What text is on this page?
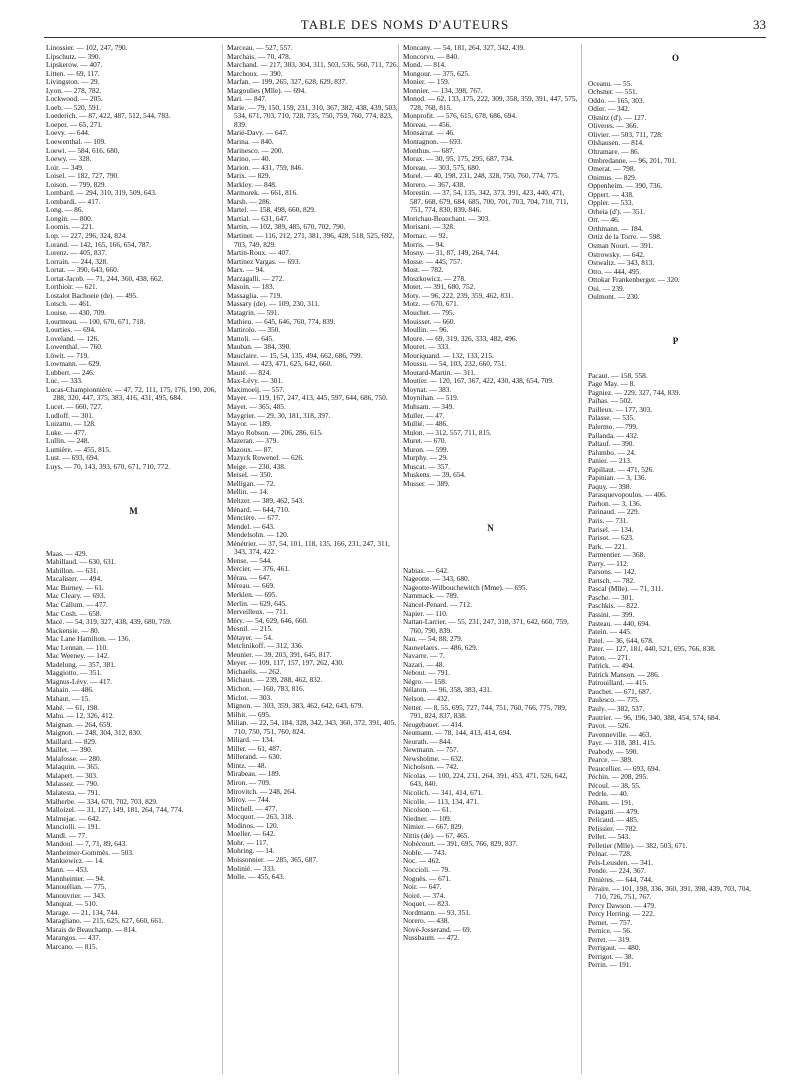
TABLE DES NOMS D'AUTEURS	33
Linossier. — 102, 247, 790.
Lipschutz. — 390.
Lipskerow. — 407.
Litten. — 69, 117.
Livingston. — 29.
Lyon. — 278, 782.
Lockwood. — 205.
Loeb. — 520, 591.
Loederich. — 87, 422, 487, 512, 544, 783.
Loeper. — 65, 271.
Loevy. — 644.
Loewenthal. — 109.
Loewi. — 584, 616, 680.
Loewy. — 328.
Loir. — 349.
Loisel. — 182, 727, 790.
Loison. — 799, 829.
Lombard. — 294, 310, 319, 509, 643.
Lombardi. — 417.
Long. — 86.
Longin. — 800.
Loomis. — 221.
Lop. — 227, 296, 324, 824.
Lorand. — 142, 165, 166, 654, 787.
Lorenz. — 405, 837.
Lorrain. — 244, 328.
Lortat. — 390, 643, 660.
Lortat-Jacob. — 71, 244, 360, 438, 662.
Lorthioir. — 621.
Lostalot Bachoeie (de). — 495.
Lotsch. — 461.
Louise. — 430, 709.
Lourmeau. — 100, 670, 671, 718.
Lourties. — 694.
Loveland. — 126.
Lowenthal. — 760.
Löwit. — 719.
Lowmann. — 629.
Lubbert. — 246.
Luc. — 333.
Lucas-Championnière. — 47, 72, 111, 175, 176, 190, 206, 288, 320, 447, 375, 383, 416, 431, 495, 684.
Lucet. — 660, 727.
Ludloff. — 301.
Luizatto. — 128.
Luke. — 477.
Lullin. — 248.
Lumière. — 455, 815.
Lust. — 693, 694.
Luys. — 70, 143, 393, 670, 671, 710, 772.
M
Maas. — 429.
Mabillaud. — 630, 631.
Mabillon. — 631.
Macalister. — 494.
Mac Burney. — 61.
Mac Cleary. — 693.
Mac Callum. — 477.
Mac Cosh. — 658.
Macé. — 54, 319, 327, 438, 439, 680, 759.
Mackensie. — 80.
Mac Lane Hamilton. — 136.
Mac Lennan. — 110.
Mac Weeney. — 142.
Madelung. — 357, 381.
Maggiotto. — 351.
Magnus-Lévy. — 417.
Mahain. — 486.
Mahaut. — 15.
Mahé. — 61, 198.
Mahu. — 12, 326, 412.
Maignan. — 264, 659.
Maignon. — 248, 304, 312, 830.
Maillard. — 829.
Maillet. — 390.
Malafosse. — 280.
Malaquin. — 365.
Malapert. — 303.
Malassez. — 790.
Malatesta. — 791.
Malherbe. — 334, 670, 702, 703, 829.
Malloizel. — 31, 127, 149, 181, 264, 744, 774.
Malmejac. — 642.
Manciolli. — 191.
Mandl. — 77.
Mandoul. — 7, 71, 89, 643.
Manheimer-Gommès. — 503.
Mankiewicz. — 14.
Mann. — 453.
Mannheimer. — 94.
Manouélian. — 775.
Manouvrier. — 343.
Manquat. — 510.
Marage. — 21, 134, 744.
Maragliano. — 215, 625, 627, 660, 661.
Marais de Beauchamp. — 814.
Marangos. — 437.
Marcano. — 815.
Marceau. — 527, 557.
Marchais. — 70, 478.
Marchand. — 217, 303, 304, 311, 503, 536, 560, 711, 726.
Marchoux. — 390.
Marfan. — 199, 265, 327, 628, 629, 837.
Margoulies (Mlle). — 694.
Mari. — 847.
Marie. — 79, 150, 159, 231, 310, 367, 382, 438, 439, 503, 534, 671, 703, 710, 728, 735, 750, 759, 760, 774, 823, 839.
Marié-Davy. — 647.
Marina. — 840.
Marinesco. — 200.
Marino. — 40.
Marion. — 431, 759, 846.
Marix. — 829.
Markley. — 848.
Marmorek. — 661, 816.
Marsh. — 286.
Martel. — 158, 498, 660, 829.
Martial. — 631, 647.
Martin, — 102, 389, 485, 670, 702, 790.
Martinet. — 116, 212, 271, 381, 396, 428, 518, 525, 692, 703, 749, 829.
Martin-Roux. — 407.
Martinez Vargas. — 693.
Marx. — 94.
Marzagalli. — 272.
Masoin. — 183.
Massaglia. — 719.
Massary (de). — 109, 230, 311.
Matagrin. — 591.
Mathieu. — 645, 646, 760, 774, 839.
Mattirolo. — 350.
Mattoli. — 645.
Mauban. — 384, 390.
Mauclaire. — 15, 54, 135, 494, 662, 686, 799.
Maurel. — 423, 471, 625, 642, 660.
Mauté. — 824.
Max-Lévy. — 301.
Maximoeij. — 557.
Mayer. — 119, 167, 247, 413, 445, 597, 644, 686, 750.
Mayet. — 365, 485.
Maygrier. — 29, 30, 181, 318, 397.
Mayor. — 189.
Mayo Robson. — 206, 286, 615.
Mazeran. — 379.
Mazoux. — 87.
Mazyck Rowenel. — 626.
Meige. — 230, 438.
Meisel. — 350.
Melligan. — 72.
Mellin. — 14.
Meltzer. — 389, 462, 543.
Ménard. — 644, 710.
Mencière. — 677.
Mendel. — 643.
Mendelsohn. — 120.
Ménétrier. — 37, 54, 101, 118, 135, 166, 231, 247, 311, 343, 374, 422.
Mense. — 544.
Mercier. — 376, 461.
Mérau. — 647.
Méreau. — 669.
Merklen. — 695.
Merlin. — 629, 645.
Merveilleux. — 711.
Méry. — 54, 629, 646, 660.
Mesnil. — 215.
Métayer. — 54.
Metchnikoff. — 312, 336.
Meunier. — 39, 203, 391, 645, 817.
Meyer. — 109, 117, 157, 197, 262, 430.
Michaelis. — 262.
Michaux. — 239, 288, 462, 832.
Michon. — 160, 783, 816.
Miclot. — 303.
Mignon. — 303, 359, 383, 462, 642, 643, 679.
Milhit. — 695.
Milian. — 22, 54, 184, 328, 342, 343, 360, 372, 391, 405, 710, 750, 751, 760, 824.
Miliard. — 134.
Miller. — 61, 487.
Millerand. — 630.
Mintz. — 48.
Mirabeau. — 189.
Miron. — 709.
Mirovitch. — 248, 264.
Miroy. — 744.
Mitchell. — 477.
Mocquot. — 263, 318.
Modinos. — 120.
Moeller. — 642.
Mohr. — 117.
Mohring. — 14.
Moissonnier. — 285, 365, 687.
Molinié. — 333.
Molle. — 455, 643.
Moncany. — 54, 181, 264, 327, 342, 439.
Moncorvo. — 840.
Mond. — 814.
Mongour. — 375, 625.
Monier. — 159.
Monnier. — 134, 398, 767.
Monod. — 62, 133, 175, 222, 309, 358, 359, 391, 447, 575, 728, 768, 815.
Monprofit. — 576, 615, 678, 686, 694.
Moreau. — 456.
Monsarrat. — 46.
Montagnon. — 693.
Monthus. — 687.
Morax. — 30, 95, 175, 295, 687, 734.
Moreau. — 303, 575, 680.
Morel. — 40, 198, 231, 248, 328, 750, 760, 774, 775.
Morero. — 367, 438.
Morestin. — 37, 54, 135, 342, 373, 391, 423, 440, 471, 587, 668, 679, 684, 685, 700, 701, 703, 704, 710, 711, 751, 774, 830, 839, 846.
Morichau-Beauchant. — 303.
Morisani. — 328.
Mornac. — 92.
Morris. — 94.
Mosny. — 31, 87, 149, 264, 744.
Mosse. — 445, 757.
Most. — 782.
Moszkowicz. — 278.
Motet. — 391, 680, 752.
Moty. — 96, 222, 239, 359, 462, 831.
Motz. — 670, 671.
Mouchet. — 795.
Mouisset. — 660.
Moullin. — 96.
Moure. — 69, 319, 326, 333, 482, 496.
Mouret. — 333.
Mouriquand. — 132, 133, 215.
Moussu. — 54, 103, 232, 660, 751.
Moutard-Martin. — 311.
Moutier. — 120, 167, 367, 422, 430, 438, 654, 709.
Moynat. — 383.
Moynihan. — 519.
Muhsam. — 349.
Muller. — 47.
Mullié. — 486.
Mulon. — 312, 557, 711, 815.
Muret. — 670.
Muron. — 599.
Murphy. — 29.
Muscat. — 357.
Muskens. — 39, 654.
Musser. — 389.
N
Nabias. — 642.
Nageotte. — 343, 680.
Nageotte-Wilbouchewitch (Mme). — 695.
Nammack. — 789.
Nancel-Penard. — 712.
Napier. — 110.
Nattan-Larrier. — 55, 231, 247, 318, 371, 642, 660, 759, 760, 790, 839.
Nau. — 54, 88, 279.
Nauwelaers. — 486, 629.
Navarre. — 7.
Nazari. — 48.
Nebout. — 791.
Négro. — 158.
Nélaton. — 96, 358, 383, 431.
Nelson. — 432.
Netter. — 8, 55, 695, 727, 744, 751, 760, 766, 775, 789, 791, 824, 837, 838.
Neugebauer. — 414.
Neumann. — 78, 144, 413, 414, 694.
Neurath. — 844.
Newmann. — 757.
Newsholme. — 632.
Nicholson. — 742.
Nicolas. — 100, 224, 231, 264, 391, 453, 471, 526, 642, 643, 840.
Nicolich. — 341, 414, 671.
Nicolle. — 113, 134, 471.
Nicolson. — 61.
Niedner. — 109.
Nimier. — 667, 829.
Nittis (de). — 67, 465.
Nobécourt. — 391, 695, 766, 829, 837.
Noble. — 743.
Noc. — 462.
Noccioli. — 79.
Noguès. — 671.
Noir. — 647.
Noiré. — 374.
Noquet. — 823.
Nordmann. — 93, 351.
Norero. — 438.
Nové-Josserand. — 69.
Nussbaum. — 472.
O
Oceanu. — 55.
Ochsner. — 551.
Oddo. — 165, 303.
Odier. — 342.
Olsnitz (d'). — 127.
Oliveres. — 366.
Olivier. — 503, 711, 728.
Olshausen. — 814.
Oltramare. — 86.
Ombredanne. — 96, 201, 701.
Omerat. — 798.
Onimus. — 829.
Oppenheim. — 390, 736.
Oppert. — 438.
Oppler. — 533.
Orheia (d'). — 351.
Orr. — 46.
Orthmann. — 184.
Ortiz de la Torre. — 598.
Osman Nouri. — 391.
Ostrowsky. — 642.
Ostwaltz. — 343, 813.
Otto. — 444, 495.
Ottokar Frankenberger. — 320.
Oui. — 239.
Oulmont. — 230.
P
Pacaut. — 158, 558.
Page May. — 8.
Pagniez. — 229, 327, 744, 839.
Paihas. — 502.
Pailleux. — 177, 303.
Palasse. — 535.
Palermo. — 799.
Pallanda. — 432.
Paltauf. — 390.
Palumbo. — 24.
Panier. — 213.
Papillaut. — 471, 526.
Papinian. — 3, 136.
Paquy. — 398.
Parasquevopoulos. — 406.
Parhon. — 3, 136.
Parinaud. — 229.
Paris. — 731.
Parisel. — 134.
Parisot. — 623.
Park. — 221.
Parmentier. — 368.
Parry. — 112.
Parsons. — 142.
Partsch. — 782.
Pascal (Mlle). — 71, 311.
Pasche. — 301.
Paschkis. — 822.
Passini. — 399.
Pasteau. — 440, 694.
Patein. — 445.
Patel. — 36, 644, 678.
Pater. — 127, 181, 440, 521, 695, 766, 838.
Paton. — 271.
Patrick. — 494.
Patrick Manson. — 286.
Patrouillard. — 415.
Pauchet. — 671, 687.
Paulesco. — 775.
Pauly. — 382, 537.
Pautrier. — 96, 196, 340, 388, 454, 574, 684.
Pavot. — 526.
Pavenneville. — 463.
Payr. — 318, 381, 415.
Peabody. — 590.
Pearce. — 389.
Peaucellier. — 693, 694.
Péchin. — 208, 295.
Pécoul. — 38, 55.
Pedrle. — 40.
Péham. — 191.
Pelagatti. — 479.
Pelicaud. — 485.
Pelissier. — 782.
Pellet. — 543.
Pelletier (Mlle). — 382, 503, 671.
Pelnar. — 728.
Pels-Leusden. — 341.
Pende. — 224, 367.
Pénières. — 644, 744.
Péraire. — 101, 198, 336, 360, 391, 398, 439, 703, 704, 710, 726, 751, 767.
Percy Dawson. — 479.
Percy Herring. — 222.
Pernet. — 757.
Pernice. — 56.
Perret. — 319.
Perrigaut. — 480.
Perrigot. — 38.
Perrin. — 191.
